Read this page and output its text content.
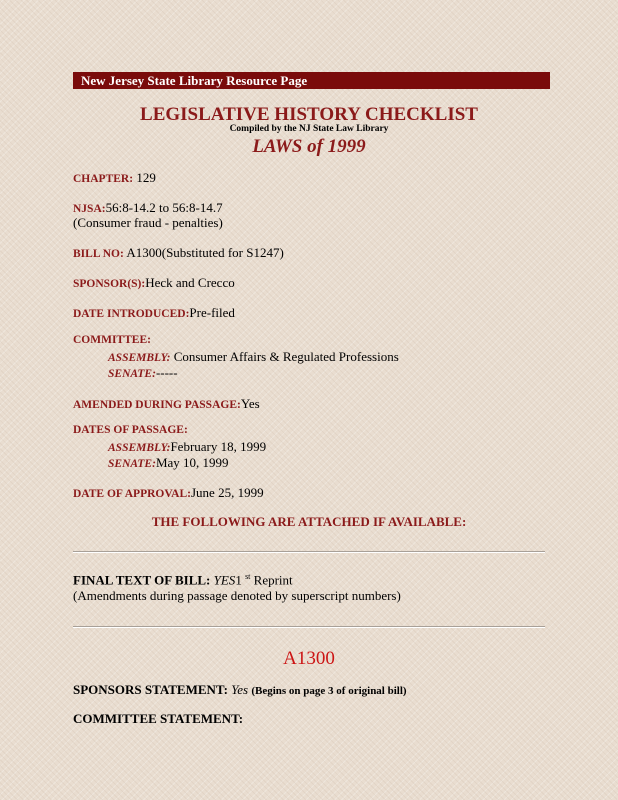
New Jersey State Library Resource Page
LEGISLATIVE HISTORY CHECKLIST
Compiled by the NJ State Law Library
LAWS of 1999
CHAPTER: 129
NJSA:56:8-14.2 to 56:8-14.7
(Consumer fraud - penalties)
BILL NO: A1300(Substituted for S1247)
SPONSOR(S):Heck and Crecco
DATE INTRODUCED:Pre-filed
COMMITTEE:
ASSEMBLY: Consumer Affairs & Regulated Professions
SENATE:-----
AMENDED DURING PASSAGE:Yes
DATES OF PASSAGE:
ASSEMBLY:February 18, 1999
SENATE:May 10, 1999
DATE OF APPROVAL:June 25, 1999
THE FOLLOWING ARE ATTACHED IF AVAILABLE:
FINAL TEXT OF BILL: YES1 $^{st}$ Reprint
(Amendments during passage denoted by superscript numbers)
A1300
SPONSORS STATEMENT: Yes (Begins on page 3 of original bill)
COMMITTEE STATEMENT:
